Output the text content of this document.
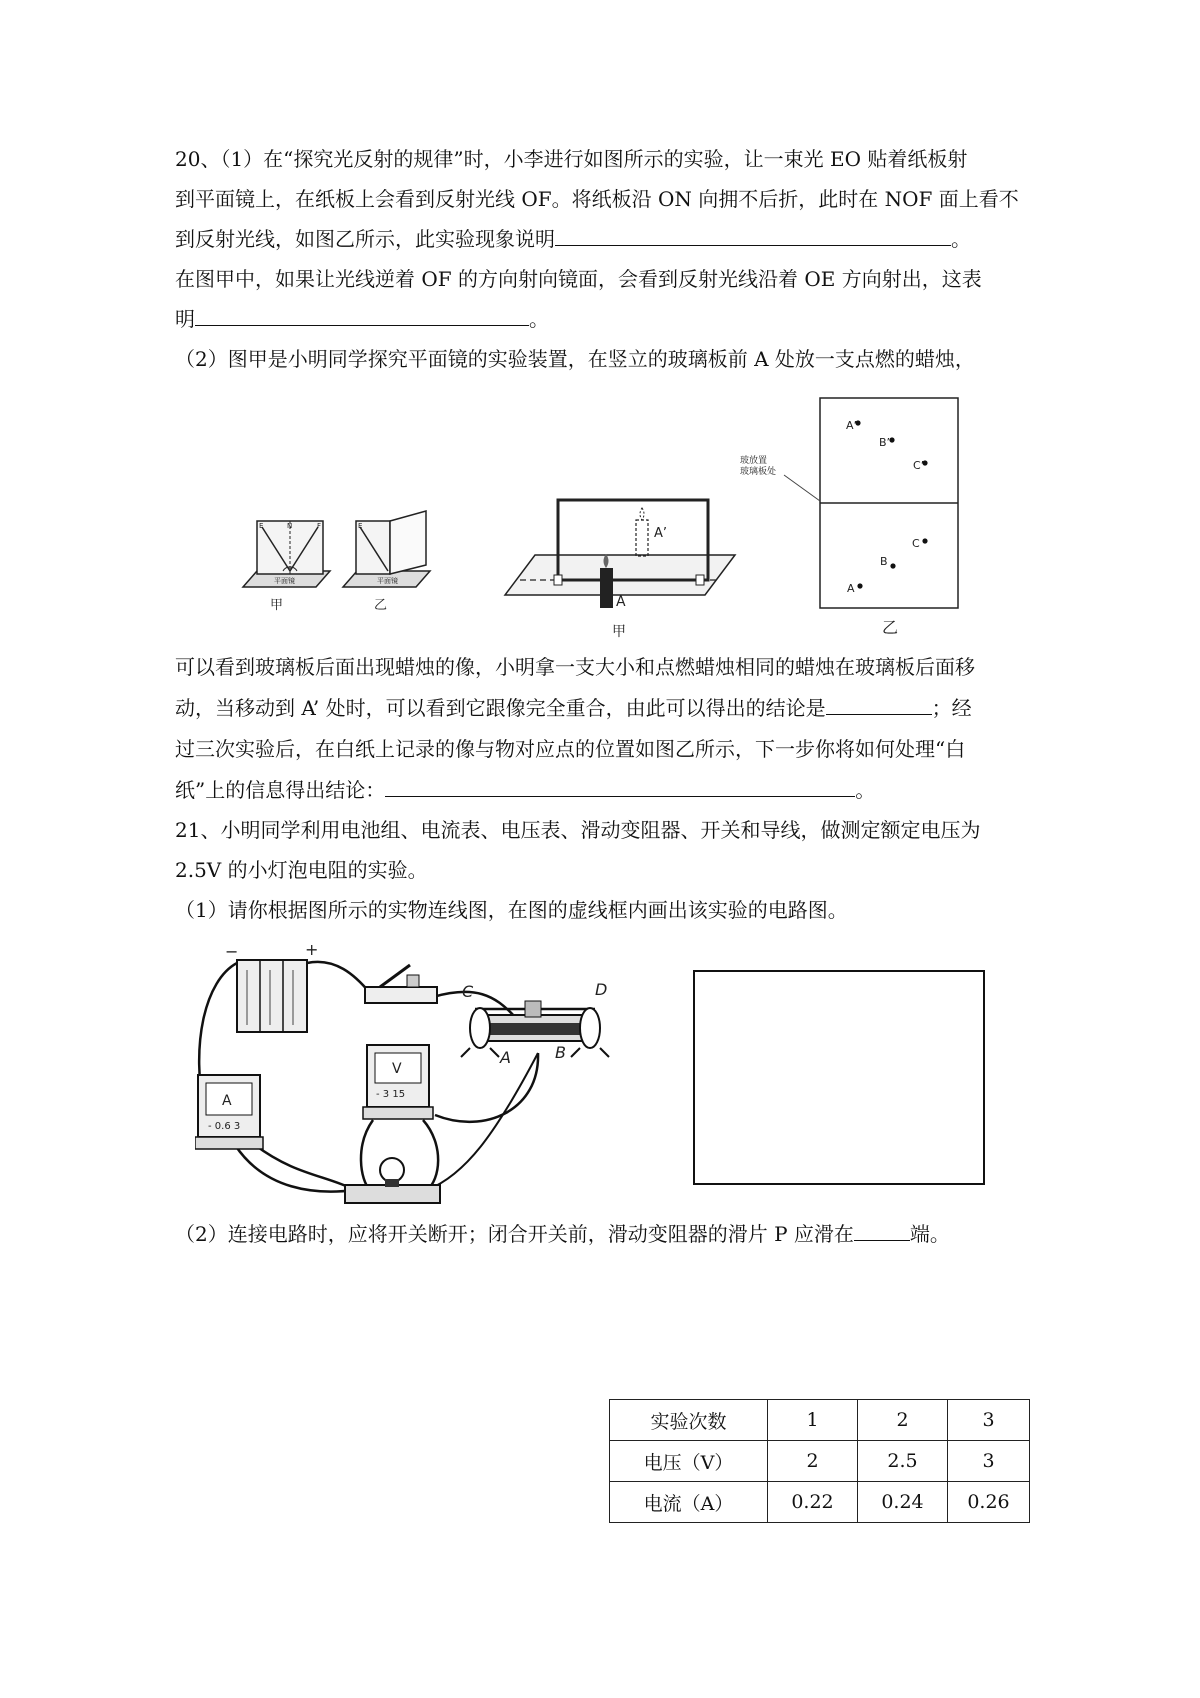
20、（1）在“探究光反射的规律”时，小李进行如图所示的实验，让一束光 EO 贴着纸板射
到平面镜上，在纸板上会看到反射光线 OF。将纸板沿 ON 向拥不后折，此时在 NOF 面上看不
到反射光线，如图乙所示，此实验现象说明	。
在图甲中，如果让光线逆着 OF 的方向射向镜面，会看到反射光线沿着 OE 方向射出，这表
明	。
（2）图甲是小明同学探究平面镜的实验装置，在竖立的玻璃板前 A 处放一支点燃的蜡烛，
E	N	F
平面镜
甲
E
平面镜
乙
A’
A
甲
玻放置
玻璃板处
A’
B’
C’
A
B
C
乙
可以看到玻璃板后面出现蜡烛的像，小明拿一支大小和点燃蜡烛相同的蜡烛在玻璃板后面移
动，当移动到 A’ 处时，可以看到它跟像完全重合，由此可以得出的结论是	；经
过三次实验后，在白纸上记录的像与物对应点的位置如图乙所示，下一步你将如何处理“白
纸”上的信息得出结论：	。
21、小明同学利用电池组、电流表、电压表、滑动变阻器、开关和导线，做测定额定电压为
2.5V 的小灯泡电阻的实验。
（1）请你根据图所示的实物连线图，在图的虚线框内画出该实验的电路图。
−	+
C	D
A	B
A
- 0.6 3
V
- 3 15
（2）连接电路时，应将开关断开；闭合开关前，滑动变阻器的滑片 P 应滑在	端。
实验次数	1	2	3
电压（V）	2	2.5	3
电流（A）	0.22	0.24	0.26
